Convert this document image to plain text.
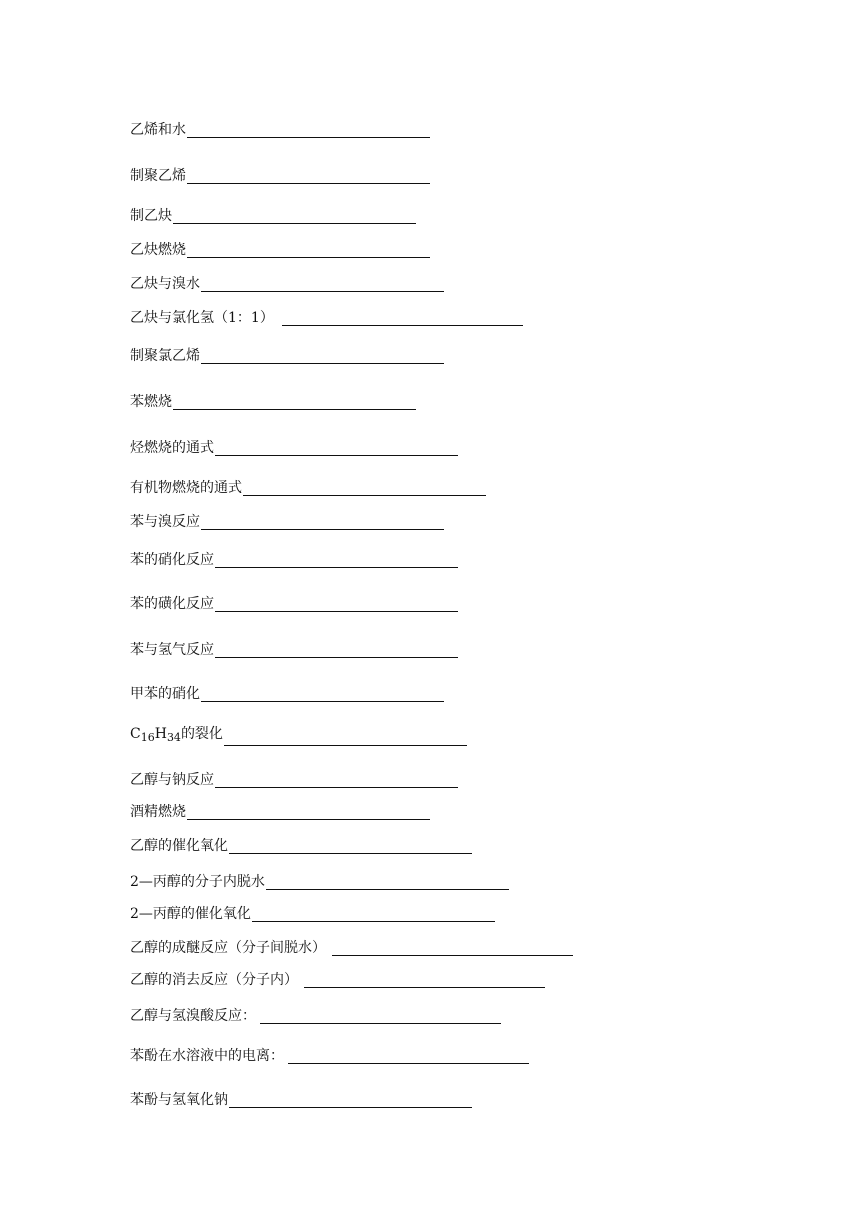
乙烯和水
制聚乙烯
制乙炔
乙炔燃烧
乙炔与溴水
乙炔与氯化氢（1：1）
制聚氯乙烯
苯燃烧
烃燃烧的通式
有机物燃烧的通式
苯与溴反应
苯的硝化反应
苯的磺化反应
苯与氢气反应
甲苯的硝化
$C_{16}H_{34}$的裂化
乙醇与钠反应
酒精燃烧
乙醇的催化氧化
2—丙醇的分子内脱水
2—丙醇的催化氧化
乙醇的成醚反应（分子间脱水）
乙醇的消去反应（分子内）
乙醇与氢溴酸反应：
苯酚在水溶液中的电离：
苯酚与氢氧化钠
